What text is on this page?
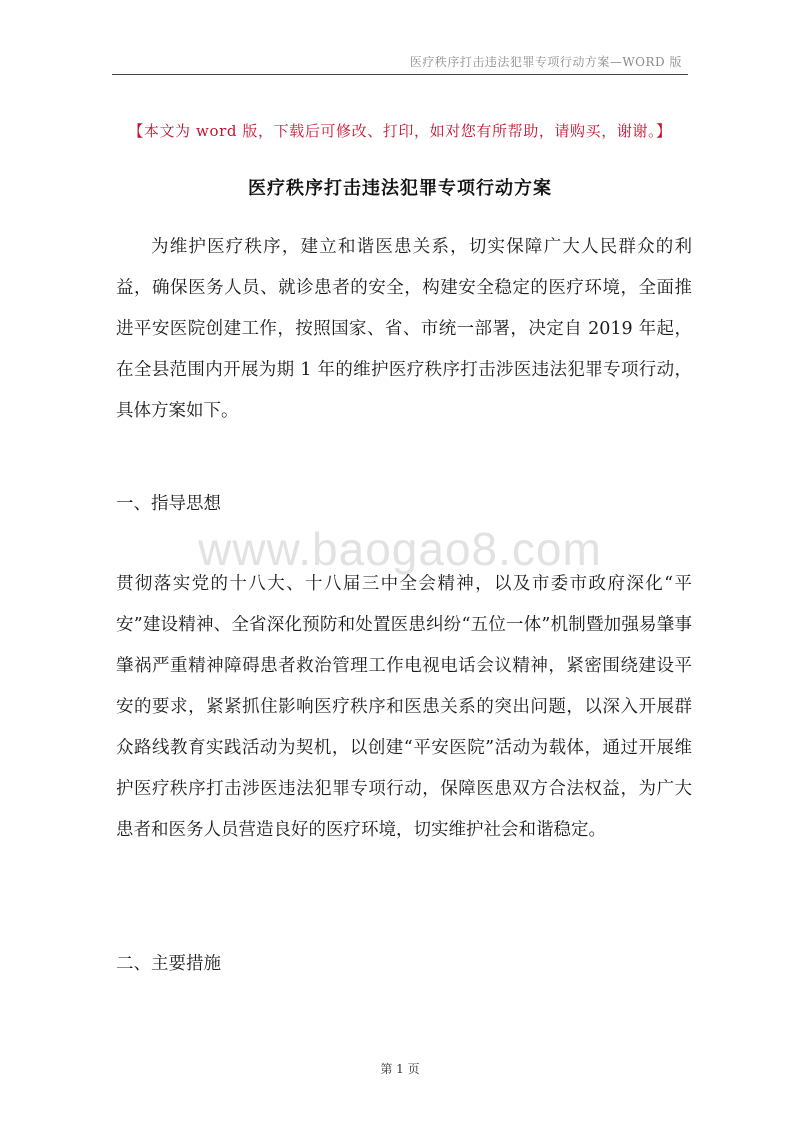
医疗秩序打击违法犯罪专项行动方案—WORD 版
【本文为 word 版，下载后可修改、打印，如对您有所帮助，请购买，谢谢。】
医疗秩序打击违法犯罪专项行动方案

为维护医疗秩序，建立和谐医患关系，切实保障广大人民群众的利益，确保医务人员、就诊患者的安全，构建安全稳定的医疗环境，全面推进平安医院创建工作，按照国家、省、市统一部署，决定自 2019 年起，在全县范围内开展为期 1 年的维护医疗秩序打击涉医违法犯罪专项行动，具体方案如下。

一、指导思想
www.baogao8.com

贯彻落实党的十八大、十八届三中全会精神，以及市委市政府深化“平安”建设精神、全省深化预防和处置医患纠纷“五位一体”机制暨加强易肇事肇祸严重精神障碍患者救治管理工作电视电话会议精神，紧密围绕建设平安的要求，紧紧抓住影响医疗秩序和医患关系的突出问题，以深入开展群众路线教育实践活动为契机，以创建“平安医院”活动为载体，通过开展维护医疗秩序打击涉医违法犯罪专项行动，保障医患双方合法权益，为广大患者和医务人员营造良好的医疗环境，切实维护社会和谐稳定。

二、主要措施
第 1 页
